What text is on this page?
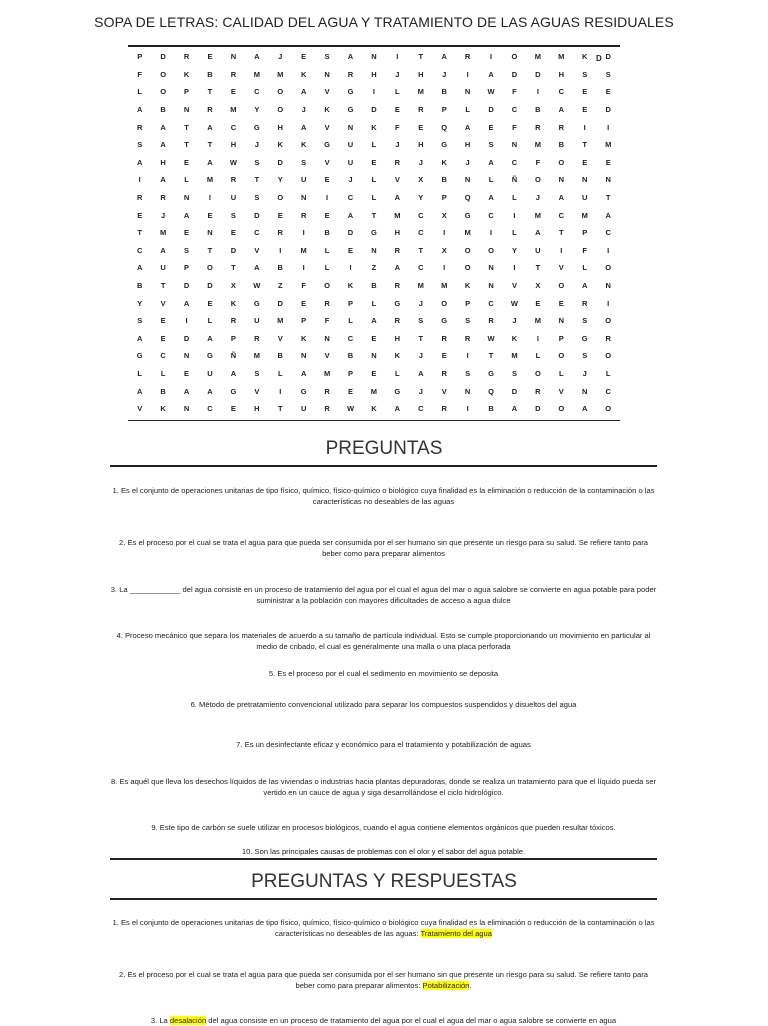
SOPA DE LETRAS: CALIDAD DEL AGUA Y TRATAMIENTO DE LAS AGUAS RESIDUALES
D
P	D	R	E	N	A	J	E	S	A	N	I	T	A	R	I	O	M	M	K	D
F	O	K	B	R	M	M	K	N	R	H	J	H	J	I	A	D	D	H	S	S
L	O	P	T	E	C	O	A	V	G	I	L	M	B	N	W	F	I	C	E	E
A	B	N	R	M	Y	O	J	K	G	D	E	R	P	L	D	C	B	A	E	D
R	A	T	A	C	G	H	A	V	N	K	F	E	Q	A	E	F	R	R	I	I
S	A	T	T	H	J	K	K	G	U	L	J	H	G	H	S	N	M	B	T	M
A	H	E	A	W	S	D	S	V	U	E	R	J	K	J	A	C	F	O	E	E
I	A	L	M	R	T	Y	U	E	J	L	V	X	B	N	L	Ñ	O	N	N	N
R	R	N	I	U	S	O	N	I	C	L	A	Y	P	Q	A	L	J	A	U	T
E	J	A	E	S	D	E	R	E	A	T	M	C	X	G	C	I	M	C	M	A
T	M	E	N	E	C	R	I	B	D	G	H	C	I	M	I	L	A	T	P	C
C	A	S	T	D	V	I	M	L	E	N	R	T	X	O	O	Y	U	I	F	I
A	U	P	O	T	A	B	I	L	I	Z	A	C	I	O	N	I	T	V	L	O
B	T	D	D	X	W	Z	F	O	K	B	R	M	M	K	N	V	X	O	A	N
Y	V	A	E	K	G	D	E	R	P	L	G	J	O	P	C	W	E	E	R	I
S	E	I	L	R	U	M	P	F	L	A	R	S	G	S	R	J	M	N	S	O
A	E	D	A	P	R	V	K	N	C	E	H	T	R	R	W	K	I	P	G	R
G	C	N	G	Ñ	M	B	N	V	B	N	K	J	E	I	T	M	L	O	S	O
L	L	E	U	A	S	L	A	M	P	E	L	A	R	S	G	S	O	L	J	L
A	B	A	A	G	V	I	G	R	E	M	G	J	V	N	Q	D	R	V	N	C
V	K	N	C	E	H	T	U	R	W	K	A	C	R	I	B	A	D	O	A	O
PREGUNTAS
1. Es el conjunto de operaciones unitarias de tipo físico, químico, físico-químico o biológico cuya finalidad es la eliminación o reducción de la contaminación o las características no deseables de las aguas
2. Es el proceso por el cual se trata el agua para que pueda ser consumida por el ser humano sin que presente un riesgo para su salud. Se refiere tanto para beber como para preparar alimentos
3. La ____________ del agua consiste en un proceso de tratamiento del agua por el cual el agua del mar o agua salobre se convierte en agua potable para poder suministrar a la población con mayores dificultades de acceso a agua dulce
4. Proceso mecánico que separa los materiales de acuerdo a su tamaño de partícula individual. Esto se cumple proporcionando un movimiento en particular al medio de cribado, el cual es generalmente una malla o una placa perforada
5. Es el proceso por el cual el sedimento en movimiento se deposita
6. Método de pretratamiento convencional utilizado para separar los compuestos suspendidos y disueltos del agua
7. Es un desinfectante eficaz y económico para el tratamiento y potabilización de aguas
8. Es aquél que lleva los desechos líquidos de las viviendas o industrias hacia plantas depuradoras, donde se realiza un tratamiento para que el líquido pueda ser vertido en un cauce de agua y siga desarrollándose el ciclo hidrológico.
9. Este tipo de carbón se suele utilizar en procesos biológicos, cuando el agua contiene elementos orgánicos que pueden resultar tóxicos.
10. Son las principales causas de problemas con el olor y el sabor del agua potable.
PREGUNTAS Y RESPUESTAS
1. Es el conjunto de operaciones unitarias de tipo físico, químico, físico-químico o biológico cuya finalidad es la eliminación o reducción de la contaminación o las características no deseables de las aguas: Tratamiento del agua
2. Es el proceso por el cual se trata el agua para que pueda ser consumida por el ser humano sin que presente un riesgo para su salud. Se refiere tanto para beber como para preparar alimentos: Potabilización.
3. La desalación del agua consiste en un proceso de tratamiento del agua por el cual el agua del mar o agua salobre se convierte en agua
